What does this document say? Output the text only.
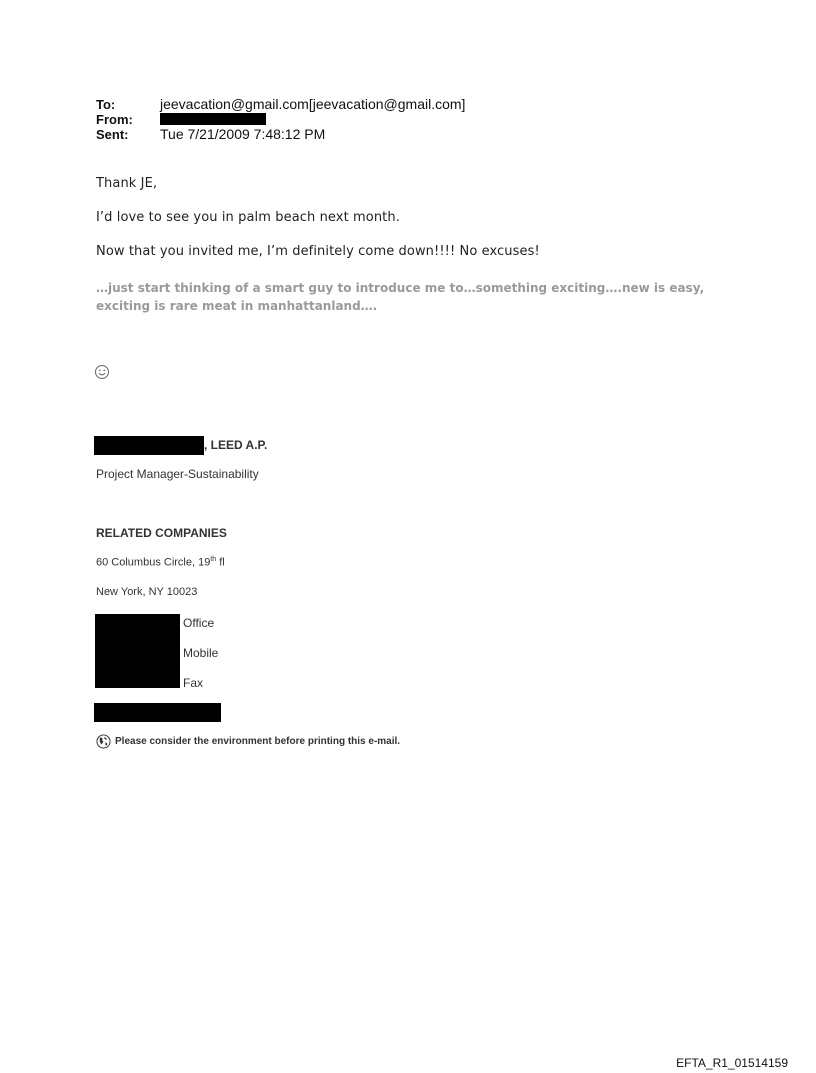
To:	jeevacation@gmail.com[jeevacation@gmail.com]
From:
Sent: Tue 7/21/2009 7:48:12 PM
Thank JE,
I’d love to see you in palm beach next month.
Now that you invited me, I’m definitely come down!!!! No excuses!
…just start thinking of a smart guy to introduce me to…something exciting….new is easy, exciting is rare meat in manhattanland….
, LEED A.P.
Project Manager-Sustainability
RELATED COMPANIES
60 Columbus Circle, 19th fl
New York, NY 10023
Office
Mobile
Fax
Please consider the environment before printing this e-mail.
EFTA_R1_01514159
